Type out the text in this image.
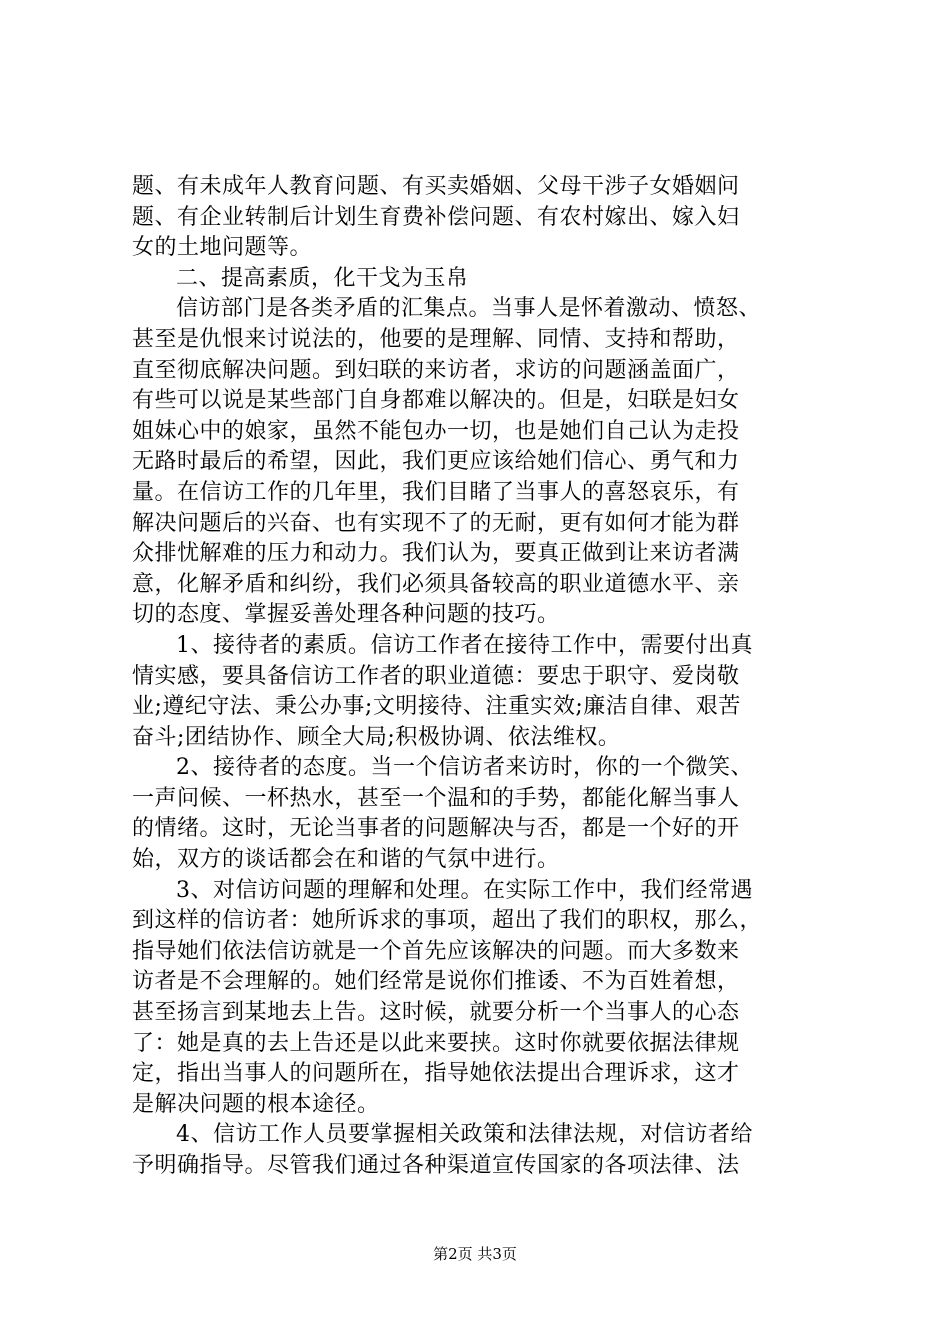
题、有未成年人教育问题、有买卖婚姻、父母干涉子女婚姻问
题、有企业转制后计划生育费补偿问题、有农村嫁出、嫁入妇
女的土地问题等。
二、提高素质，化干戈为玉帛
信访部门是各类矛盾的汇集点。当事人是怀着激动、愤怒、
甚至是仇恨来讨说法的，他要的是理解、同情、支持和帮助，
直至彻底解决问题。到妇联的来访者，求访的问题涵盖面广，
有些可以说是某些部门自身都难以解决的。但是，妇联是妇女
姐妹心中的娘家，虽然不能包办一切，也是她们自己认为走投
无路时最后的希望，因此，我们更应该给她们信心、勇气和力
量。在信访工作的几年里，我们目睹了当事人的喜怒哀乐，有
解决问题后的兴奋、也有实现不了的无耐，更有如何才能为群
众排忧解难的压力和动力。我们认为，要真正做到让来访者满
意，化解矛盾和纠纷，我们必须具备较高的职业道德水平、亲
切的态度、掌握妥善处理各种问题的技巧。
1、接待者的素质。信访工作者在接待工作中，需要付出真
情实感，要具备信访工作者的职业道德：要忠于职守、爱岗敬
业;遵纪守法、秉公办事;文明接待、注重实效;廉洁自律、艰苦
奋斗;团结协作、顾全大局;积极协调、依法维权。
2、接待者的态度。当一个信访者来访时，你的一个微笑、
一声问候、一杯热水，甚至一个温和的手势，都能化解当事人
的情绪。这时，无论当事者的问题解决与否，都是一个好的开
始，双方的谈话都会在和谐的气氛中进行。
3、对信访问题的理解和处理。在实际工作中，我们经常遇
到这样的信访者：她所诉求的事项，超出了我们的职权，那么，
指导她们依法信访就是一个首先应该解决的问题。而大多数来
访者是不会理解的。她们经常是说你们推诿、不为百姓着想，
甚至扬言到某地去上告。这时候，就要分析一个当事人的心态
了：她是真的去上告还是以此来要挟。这时你就要依据法律规
定，指出当事人的问题所在，指导她依法提出合理诉求，这才
是解决问题的根本途径。
4、信访工作人员要掌握相关政策和法律法规，对信访者给
予明确指导。尽管我们通过各种渠道宣传国家的各项法律、法
第2页 共3页
